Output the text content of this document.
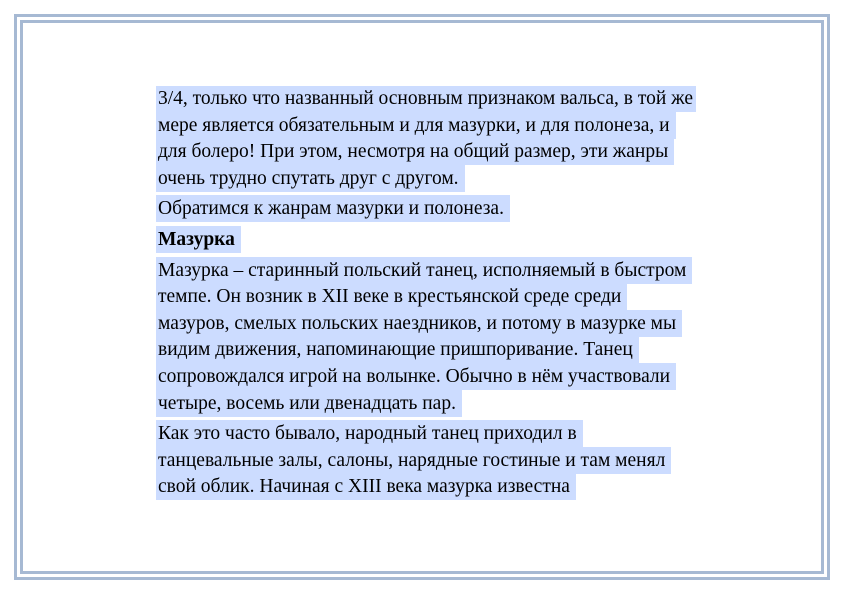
3/4, только что названный основным признаком вальса, в той же мере является обязательным и для мазурки, и для полонеза, и для болеро! При этом, несмотря на общий размер, эти жанры очень трудно спутать друг с другом.

Обратимся к жанрам мазурки и полонеза.

Мазурка

Мазурка – старинный польский танец, исполняемый в быстром темпе. Он возник в XII веке в крестьянской среде среди мазуров, смелых польских наездников, и потому в мазурке мы видим движения, напоминающие пришпоривание. Танец сопровождался игрой на волынке. Обычно в нём участвовали четыре, восемь или двенадцать пар.

Как это часто бывало, народный танец приходил в танцевальные залы, салоны, нарядные гостиные и там менял свой облик. Начиная с XIII века мазурка известна
